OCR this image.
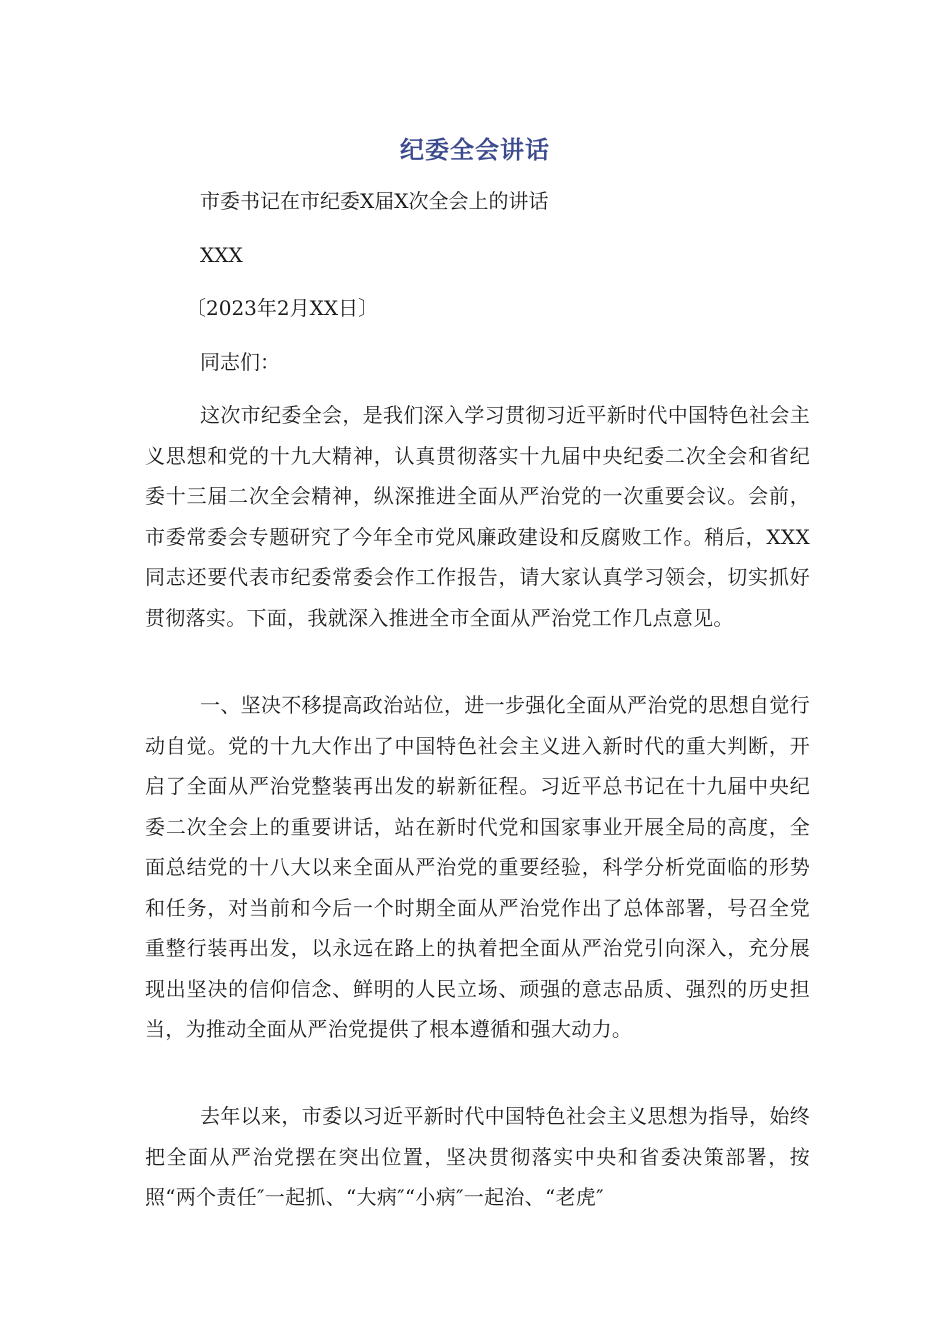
纪委全会讲话
市委书记在市纪委X届X次全会上的讲话
XXX
〔2023年2月XX日〕
同志们：
这次市纪委全会，是我们深入学习贯彻习近平新时代中国特色社会主义思想和党的十九大精神，认真贯彻落实十九届中央纪委二次全会和省纪委十三届二次全会精神，纵深推进全面从严治党的一次重要会议。会前，市委常委会专题研究了今年全市党风廉政建设和反腐败工作。稍后，XXX同志还要代表市纪委常委会作工作报告，请大家认真学习领会，切实抓好贯彻落实。下面，我就深入推进全市全面从严治党工作几点意见。
一、坚决不移提高政治站位，进一步强化全面从严治党的思想自觉行动自觉。党的十九大作出了中国特色社会主义进入新时代的重大判断，开启了全面从严治党整装再出发的崭新征程。习近平总书记在十九届中央纪委二次全会上的重要讲话，站在新时代党和国家事业开展全局的高度，全面总结党的十八大以来全面从严治党的重要经验，科学分析党面临的形势和任务，对当前和今后一个时期全面从严治党作出了总体部署，号召全党重整行装再出发，以永远在路上的执着把全面从严治党引向深入，充分展现出坚决的信仰信念、鲜明的人民立场、顽强的意志品质、强烈的历史担当，为推动全面从严治党提供了根本遵循和强大动力。
去年以来，市委以习近平新时代中国特色社会主义思想为指导，始终把全面从严治党摆在突出位置，坚决贯彻落实中央和省委决策部署，按照“两个责任″一起抓、“大病″“小病″一起治、“老虎″
